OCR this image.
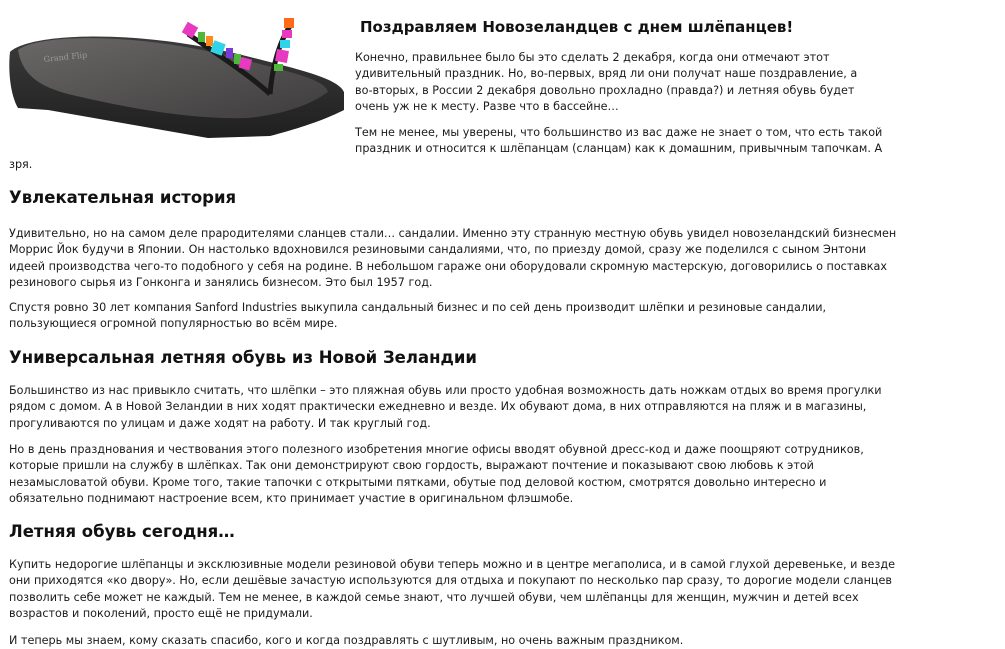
Grand Flip
Поздравляем Новозеландцев с днем шлёпанцев!

Конечно, правильнее было бы это сделать 2 декабря, когда они отмечают этот удивительный праздник. Но, во-первых, вряд ли они получат наше поздравление, а во-вторых, в России 2 декабря довольно прохладно (правда?) и летняя обувь будет очень уж не к месту. Разве что в бассейне…

Тем не менее, мы уверены, что большинство из вас даже не знает о том, что есть такой праздник и относится к шлёпанцам (сланцам) как к домашним, привычным тапочкам. А

зря.

Увлекательная история

Удивительно, но на самом деле прародителями сланцев стали… сандалии. Именно эту странную местную обувь увидел новозеландский бизнесмен Моррис Йок будучи в Японии. Он настолько вдохновился резиновыми сандалиями, что, по приезду домой, сразу же поделился с сыном Энтони идеей производства чего-то подобного у себя на родине. В небольшом гараже они оборудовали скромную мастерскую, договорились о поставках резинового сырья из Гонконга и занялись бизнесом. Это был 1957 год.

Спустя ровно 30 лет компания Sanford Industries выкупила сандальный бизнес и по сей день производит шлёпки и резиновые сандалии, пользующиеся огромной популярностью во всём мире.

Универсальная летняя обувь из Новой Зеландии

Большинство из нас привыкло считать, что шлёпки – это пляжная обувь или просто удобная возможность дать ножкам отдых во время прогулки рядом с домом. А в Новой Зеландии в них ходят практически ежедневно и везде. Их обувают дома, в них отправляются на пляж и в магазины, прогуливаются по улицам и даже ходят на работу. И так круглый год.

Но в день празднования и чествования этого полезного изобретения многие офисы вводят обувной дресс-код и даже поощряют сотрудников, которые пришли на службу в шлёпках. Так они демонстрируют свою гордость, выражают почтение и показывают свою любовь к этой незамысловатой обуви. Кроме того, такие тапочки с открытыми пятками, обутые под деловой костюм, смотрятся довольно интересно и обязательно поднимают настроение всем, кто принимает участие в оригинальном флэшмобе.

Летняя обувь сегодня…

Купить недорогие шлёпанцы и эксклюзивные модели резиновой обуви теперь можно и в центре мегаполиса, и в самой глухой деревеньке, и везде они приходятся «ко двору». Но, если дешёвые зачастую используются для отдыха и покупают по несколько пар сразу, то дорогие модели сланцев позволить себе может не каждый. Тем не менее, в каждой семье знают, что лучшей обуви, чем шлёпанцы для женщин, мужчин и детей всех возрастов и поколений, просто ещё не придумали.

И теперь мы знаем, кому сказать спасибо, кого и когда поздравлять с шутливым, но очень важным праздником.
